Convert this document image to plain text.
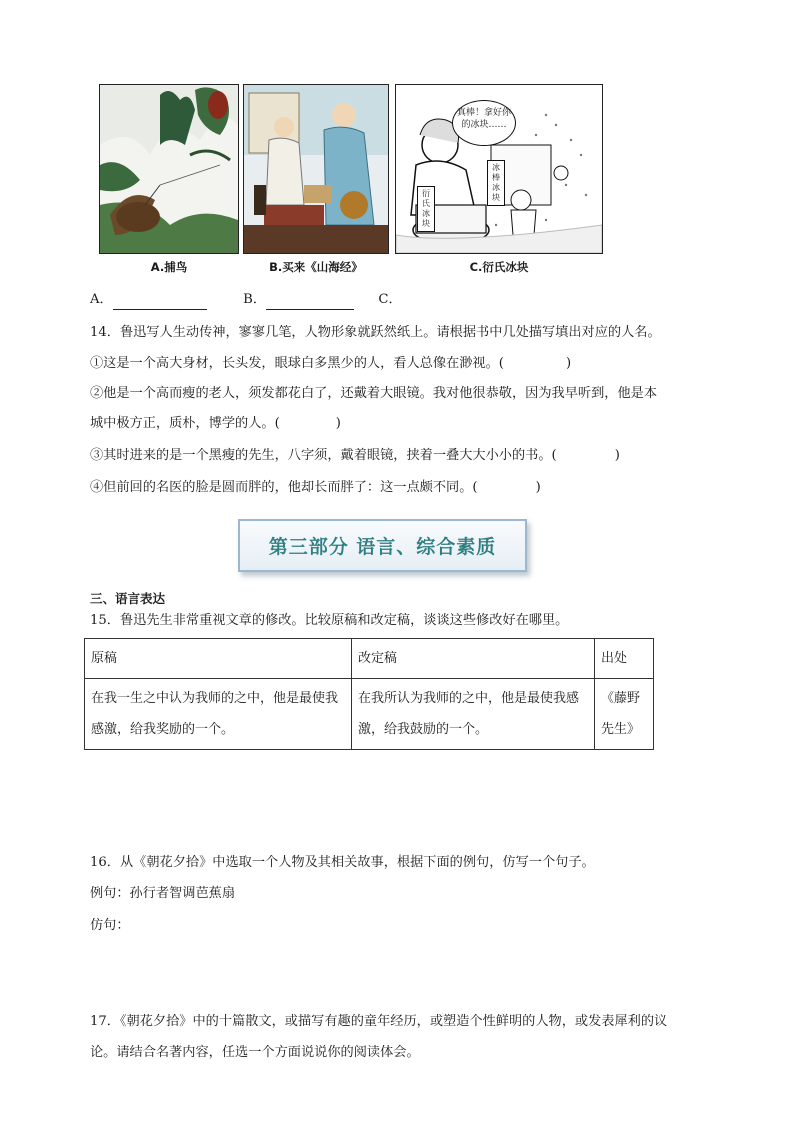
A.捕鸟	B.买来《山海经》
真棒！拿好你的冰块……
衍氏冰块
冰棒冰块
C.衍氏冰块
A．	B．	C．
14．鲁迅写人生动传神，寥寥几笔，人物形象就跃然纸上。请根据书中几处描写填出对应的人名。
①这是一个高大身材，长头发，眼球白多黑少的人，看人总像在渺视。(	)
②他是一个高而瘦的老人，须发都花白了，还戴着大眼镜。我对他很恭敬，因为我早听到，他是本
城中极方正，质朴，博学的人。(	)
③其时进来的是一个黑瘦的先生，八字须，戴着眼镜，挟着一叠大大小小的书。(	)
④但前回的名医的脸是圆而胖的，他却长而胖了：这一点颇不同。(	)
第三部分 语言、综合素质
三、语言表达
15．鲁迅先生非常重视文章的修改。比较原稿和改定稿，谈谈这些修改好在哪里。
原稿	改定稿	出处
在我一生之中认为我师的之中，他是最使我感激，给我奖励的一个。	在我所认为我师的之中，他是最使我感激，给我鼓励的一个。	《藤野先生》
16．从《朝花夕拾》中选取一个人物及其相关故事，根据下面的例句，仿写一个句子。
例句：孙行者智调芭蕉扇
仿句：
17．《朝花夕拾》中的十篇散文，或描写有趣的童年经历，或塑造个性鲜明的人物，或发表犀利的议
论。请结合名著内容，任选一个方面说说你的阅读体会。
